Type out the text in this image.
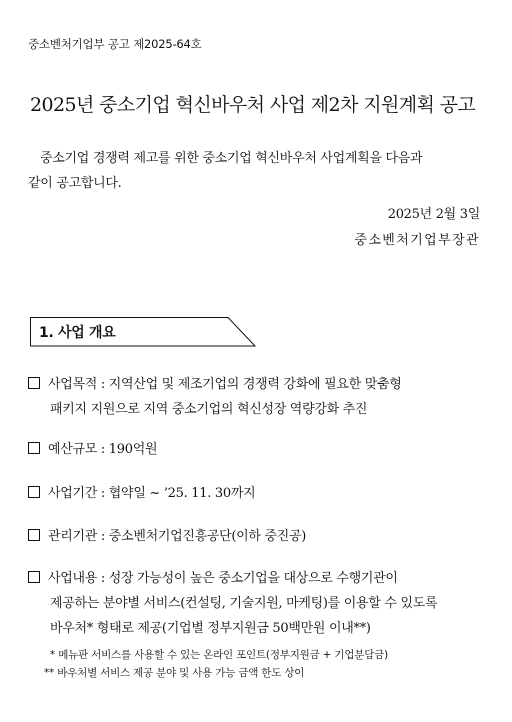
중소벤처기업부 공고 제2025-64호
2025년 중소기업 혁신바우처 사업 제2차 지원계획 공고
중소기업 경쟁력 제고를 위한 중소기업 혁신바우처 사업계획을 다음과
같이 공고합니다.
2025년 2월 3일
중소벤처기업부장관
1. 사업 개요
사업목적 : 지역산업 및 제조기업의 경쟁력 강화에 필요한 맞춤형
패키지 지원으로 지역 중소기업의 혁신성장 역량강화 추진
예산규모 : 190억원
사업기간 : 협약일 ~ ’25. 11. 30까지
관리기관 : 중소벤처기업진흥공단(이하 중진공)
사업내용 : 성장 가능성이 높은 중소기업을 대상으로 수행기관이
제공하는 분야별 서비스(컨설팅, 기술지원, 마케팅)를 이용할 수 있도록
바우처* 형태로 제공(기업별 정부지원금 50백만원 이내**)
* 메뉴판 서비스를 사용할 수 있는 온라인 포인트(정부지원금 + 기업분담금)
** 바우처별 서비스 제공 분야 및 사용 가능 금액 한도 상이
